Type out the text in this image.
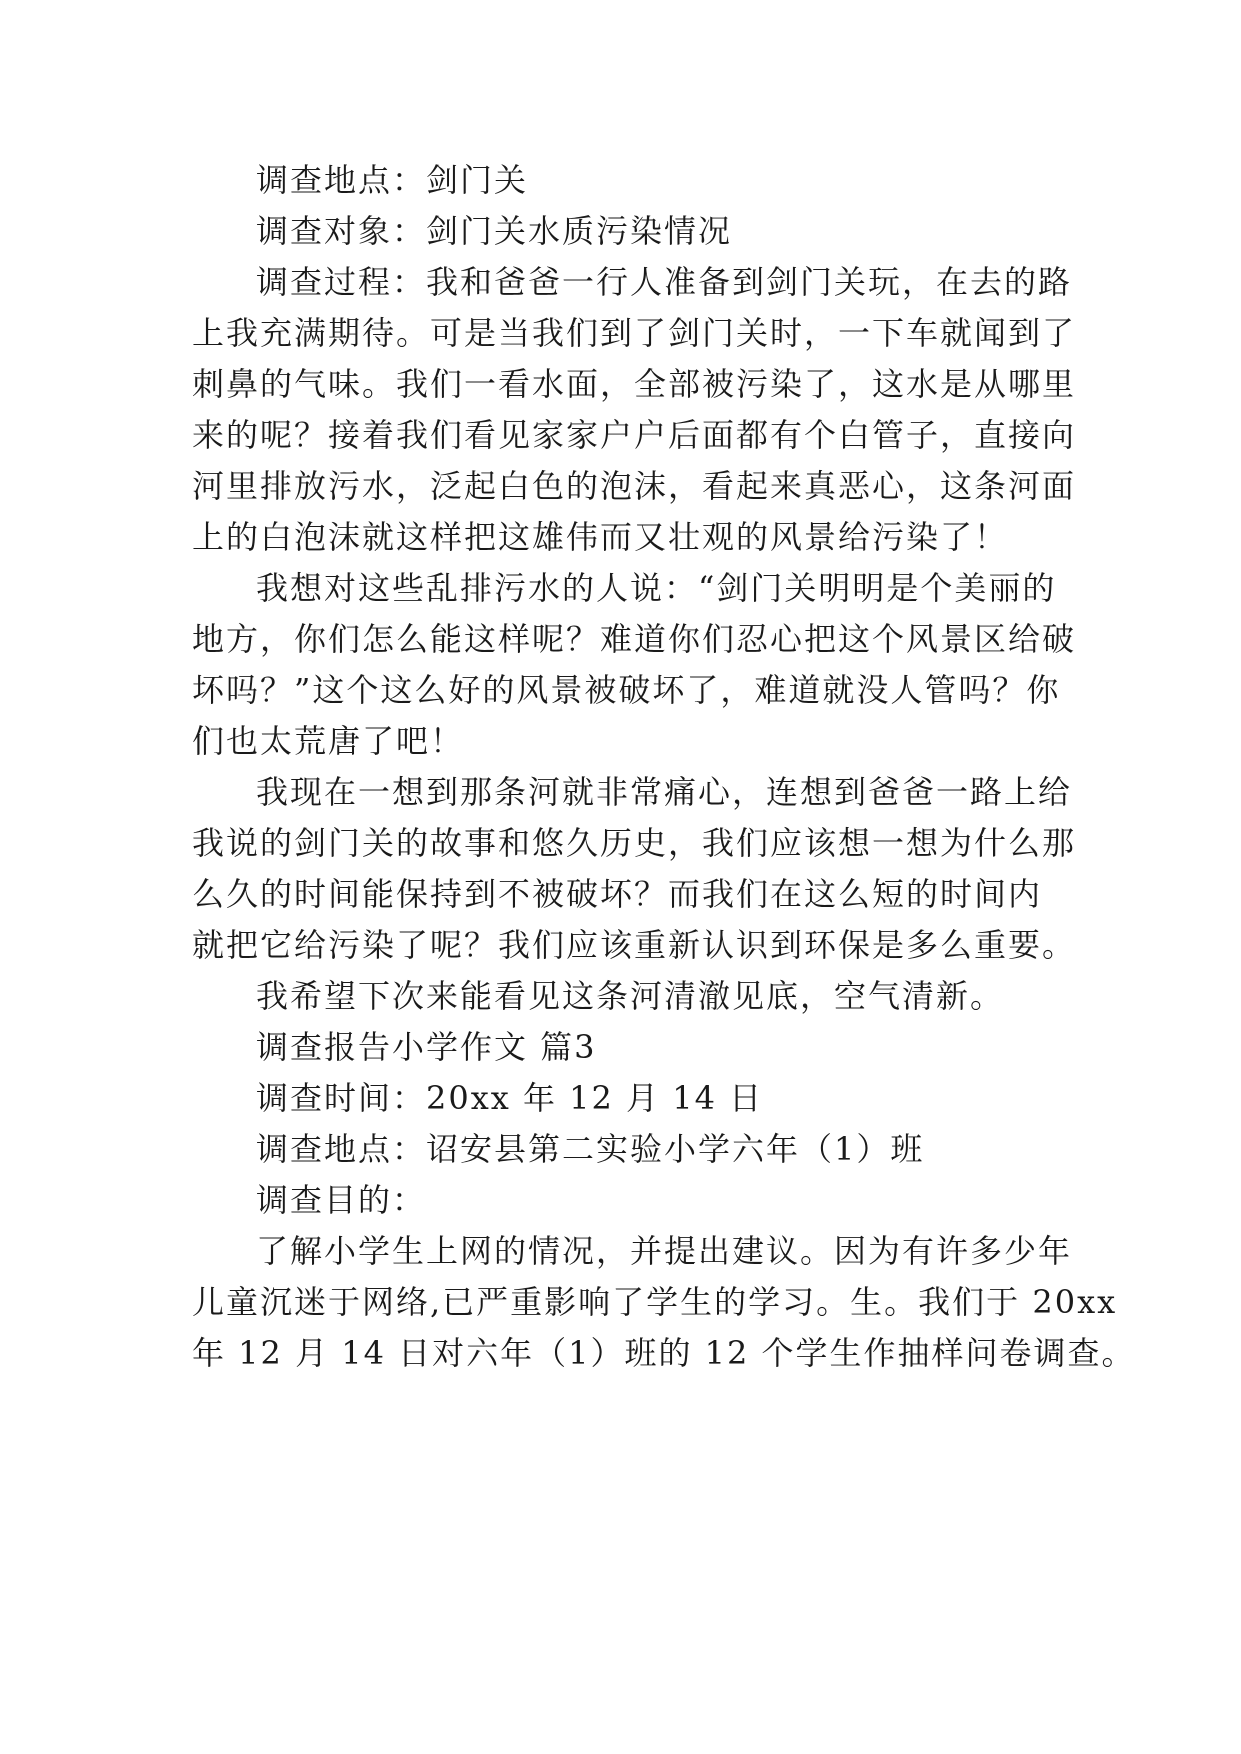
调查地点：剑门关
调查对象：剑门关水质污染情况
调查过程：我和爸爸一行人准备到剑门关玩，在去的路
上我充满期待。可是当我们到了剑门关时，一下车就闻到了
刺鼻的气味。我们一看水面，全部被污染了，这水是从哪里
来的呢？接着我们看见家家户户后面都有个白管子，直接向
河里排放污水，泛起白色的泡沫，看起来真恶心，这条河面
上的白泡沫就这样把这雄伟而又壮观的风景给污染了！
我想对这些乱排污水的人说：“剑门关明明是个美丽的
地方，你们怎么能这样呢？难道你们忍心把这个风景区给破
坏吗？”这个这么好的风景被破坏了，难道就没人管吗？你
们也太荒唐了吧！
我现在一想到那条河就非常痛心，连想到爸爸一路上给
我说的剑门关的故事和悠久历史，我们应该想一想为什么那
么久的时间能保持到不被破坏？而我们在这么短的时间内
就把它给污染了呢？我们应该重新认识到环保是多么重要。
我希望下次来能看见这条河清澈见底，空气清新。
调查报告小学作文 篇3
调查时间：20xx 年 12 月 14 日
调查地点：诏安县第二实验小学六年（1）班
调查目的：
了解小学生上网的情况，并提出建议。因为有许多少年
儿童沉迷于网络,已严重影响了学生的学习。生。我们于 20xx
年 12 月 14 日对六年（1）班的 12 个学生作抽样问卷调查。
